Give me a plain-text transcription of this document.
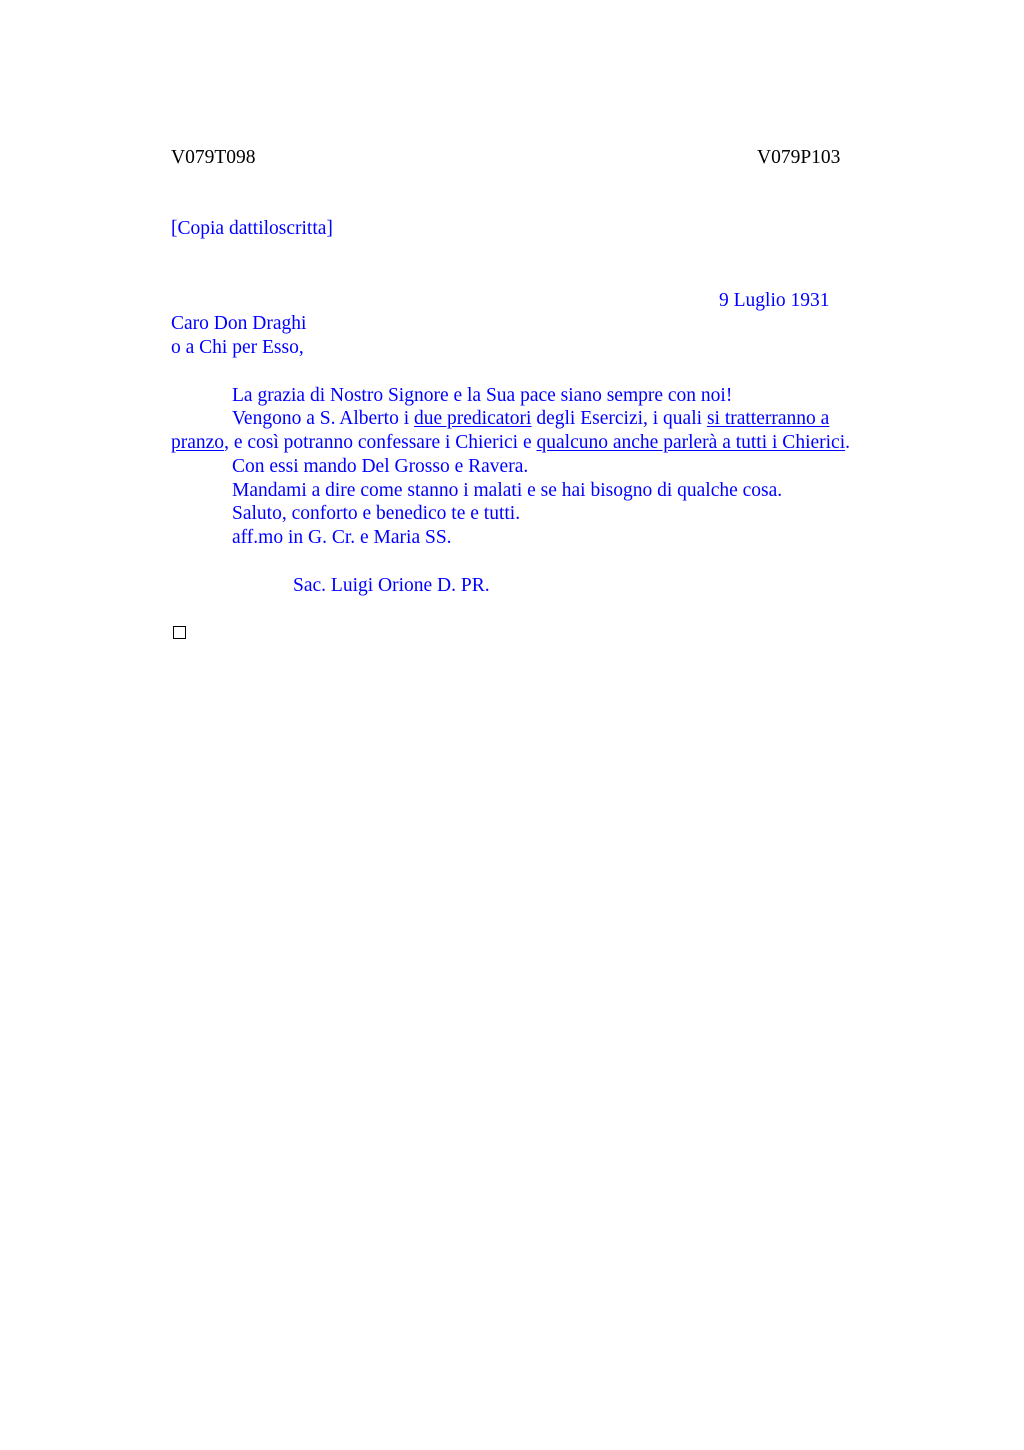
V079T098	V079P103
[Copia dattiloscritta]
9 Luglio 1931
Caro Don Draghi
o a Chi per Esso,
La grazia di Nostro Signore e la Sua pace siano sempre con noi!
Vengono a S. Alberto i due predicatori degli Esercizi, i quali si tratterranno a
pranzo, e così potranno confessare i Chierici e qualcuno anche parlerà a tutti i Chierici.
Con essi mando Del Grosso e Ravera.
Mandami a dire come stanno i malati e se hai bisogno di qualche cosa.
Saluto, conforto e benedico te e tutti.
aff.mo in G. Cr. e Maria SS.
Sac. Luigi Orione D. PR.
